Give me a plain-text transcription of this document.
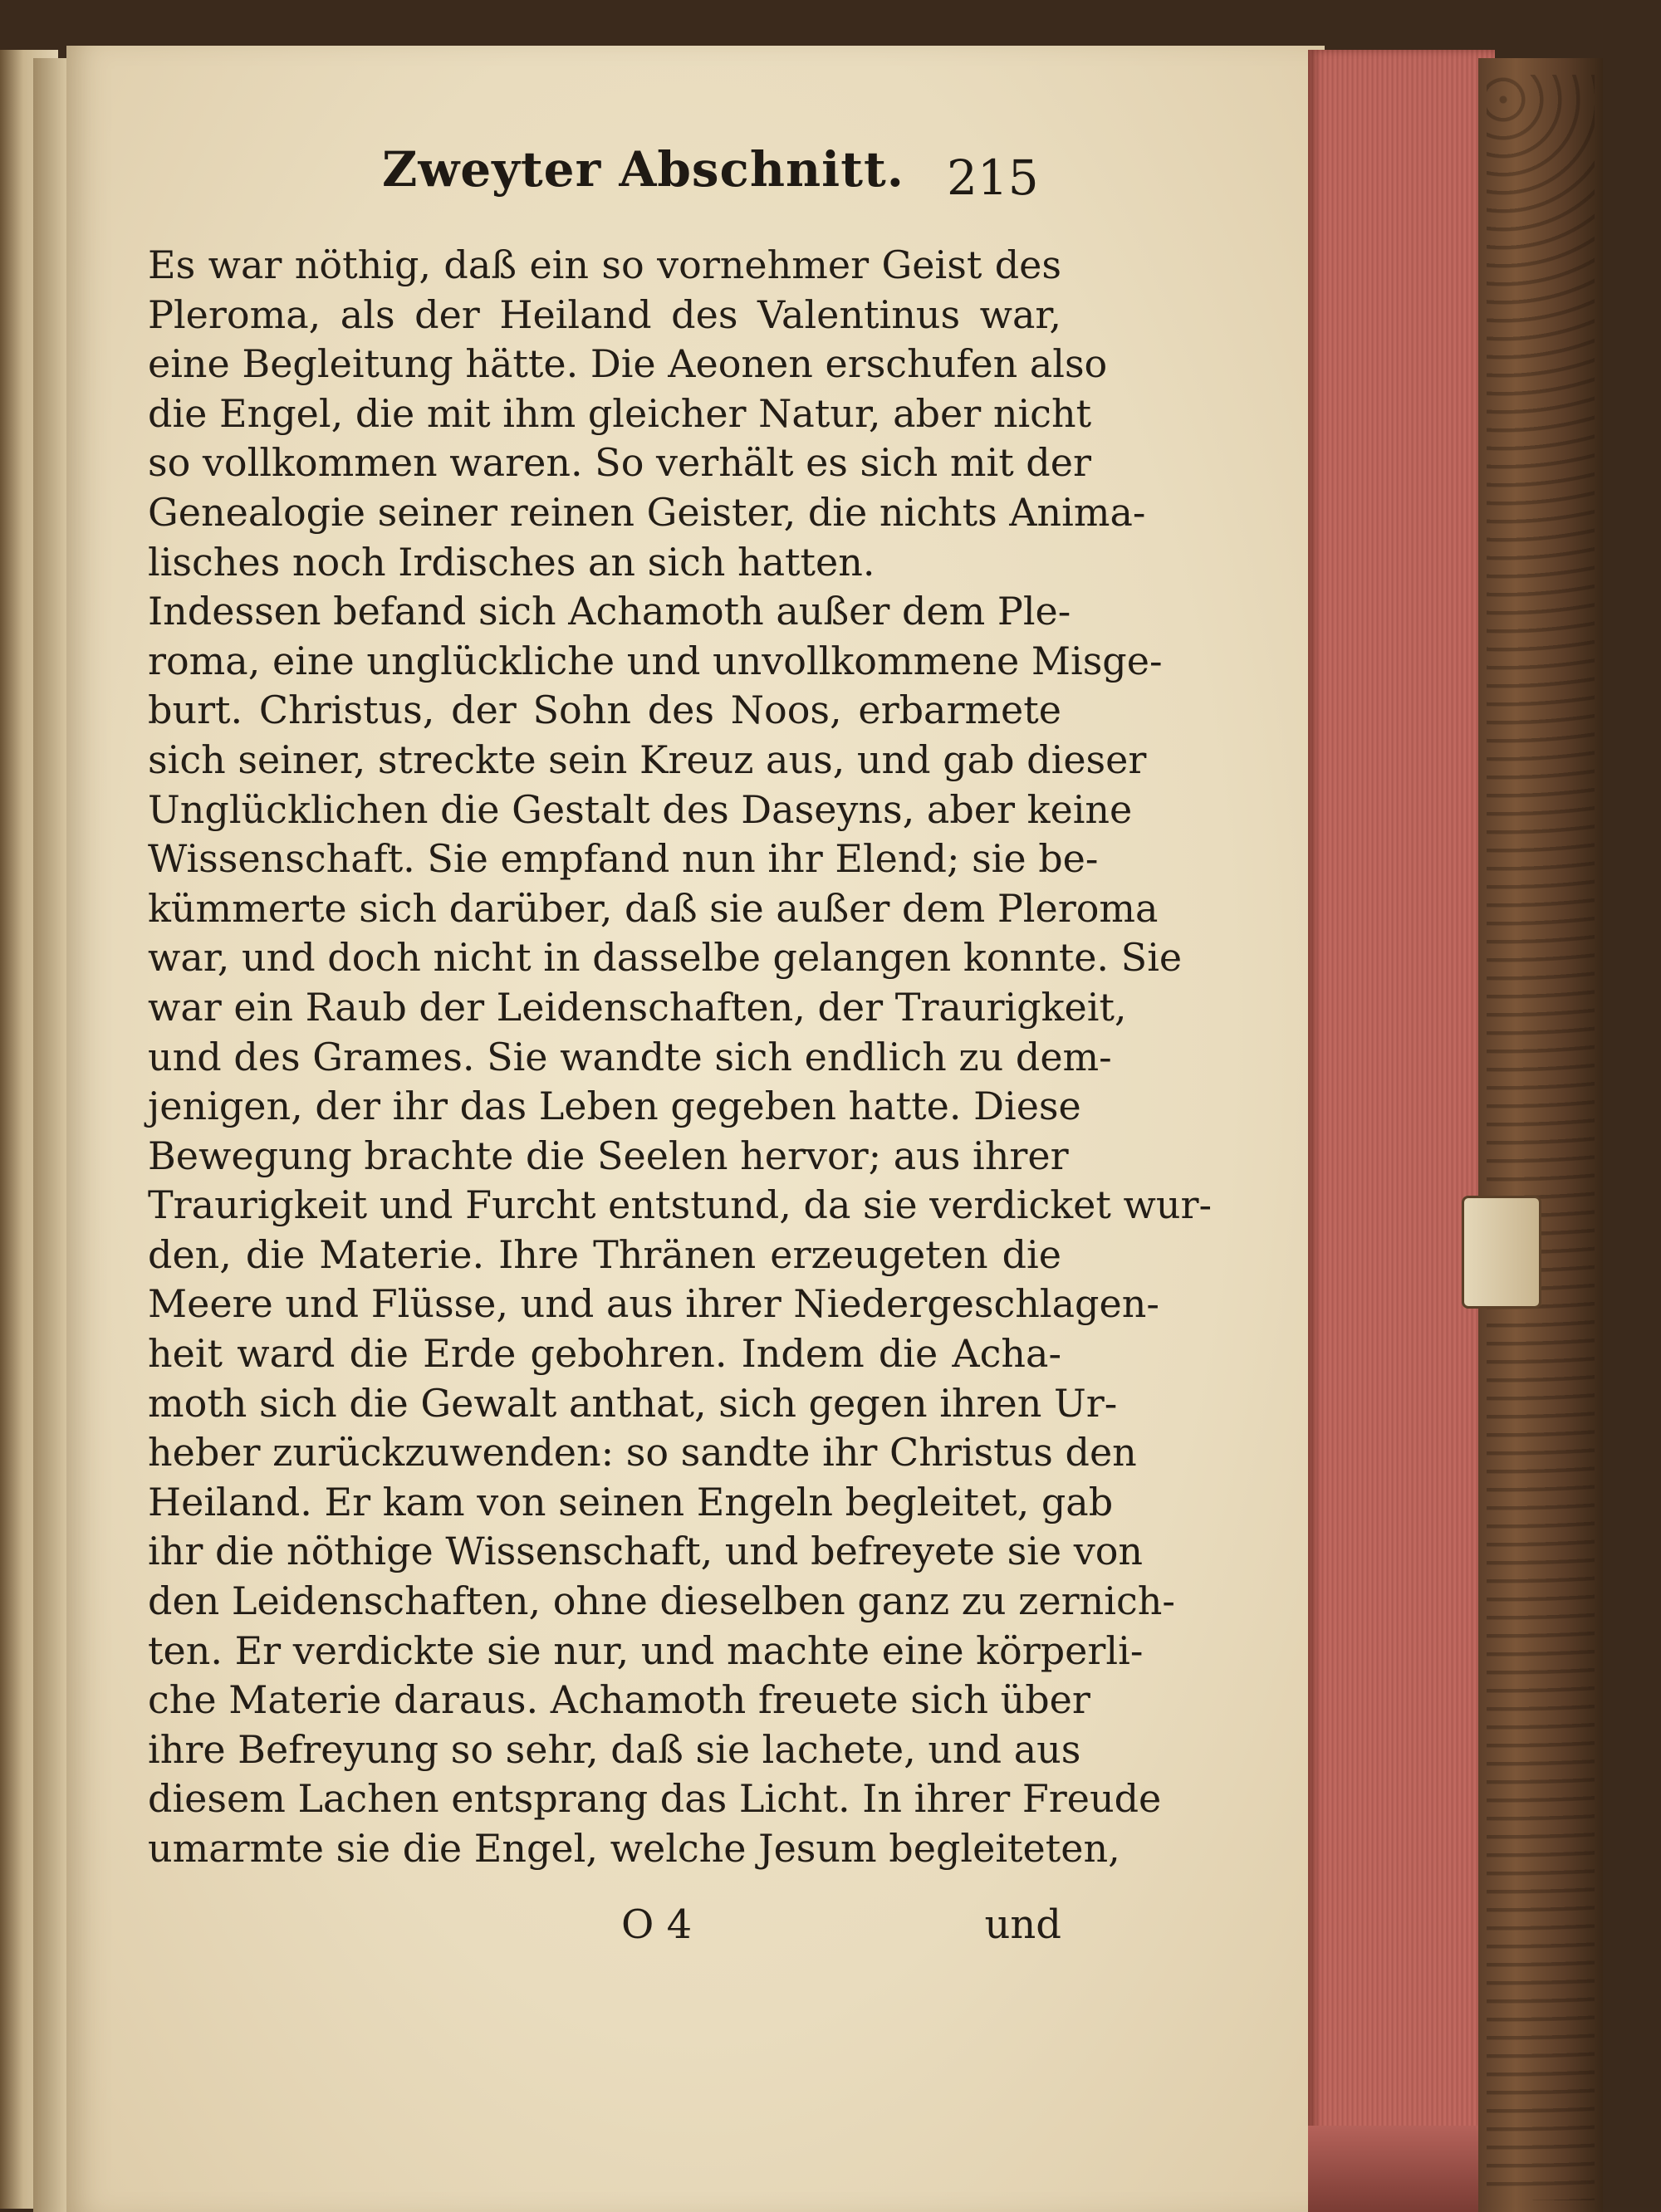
Zweyter Abschnitt. 215
Es war nöthig, daß ein so vornehmer Geist des
Pleroma, als der Heiland des Valentinus war,
eine Begleitung hätte. Die Aeonen erschufen also
die Engel, die mit ihm gleicher Natur, aber nicht
so vollkommen waren. So verhält es sich mit der
Genealogie seiner reinen Geister, die nichts Anima-
lisches noch Irdisches an sich hatten.
Indessen befand sich Achamoth außer dem Ple-
roma, eine unglückliche und unvollkommene Misge-
burt. Christus, der Sohn des Noos, erbarmete
sich seiner, streckte sein Kreuz aus, und gab dieser
Unglücklichen die Gestalt des Daseyns, aber keine
Wissenschaft. Sie empfand nun ihr Elend; sie be-
kümmerte sich darüber, daß sie außer dem Pleroma
war, und doch nicht in dasselbe gelangen konnte. Sie
war ein Raub der Leidenschaften, der Traurigkeit,
und des Grames. Sie wandte sich endlich zu dem-
jenigen, der ihr das Leben gegeben hatte. Diese
Bewegung brachte die Seelen hervor; aus ihrer
Traurigkeit und Furcht entstund, da sie verdicket wur-
den, die Materie. Ihre Thränen erzeugeten die
Meere und Flüsse, und aus ihrer Niedergeschlagen-
heit ward die Erde gebohren. Indem die Acha-
moth sich die Gewalt anthat, sich gegen ihren Ur-
heber zurückzuwenden: so sandte ihr Christus den
Heiland. Er kam von seinen Engeln begleitet, gab
ihr die nöthige Wissenschaft, und befreyete sie von
den Leidenschaften, ohne dieselben ganz zu zernich-
ten. Er verdickte sie nur, und machte eine körperli-
che Materie daraus. Achamoth freuete sich über
ihre Befreyung so sehr, daß sie lachete, und aus
diesem Lachen entsprang das Licht. In ihrer Freude
umarmte sie die Engel, welche Jesum begleiteten,
O 4	und
